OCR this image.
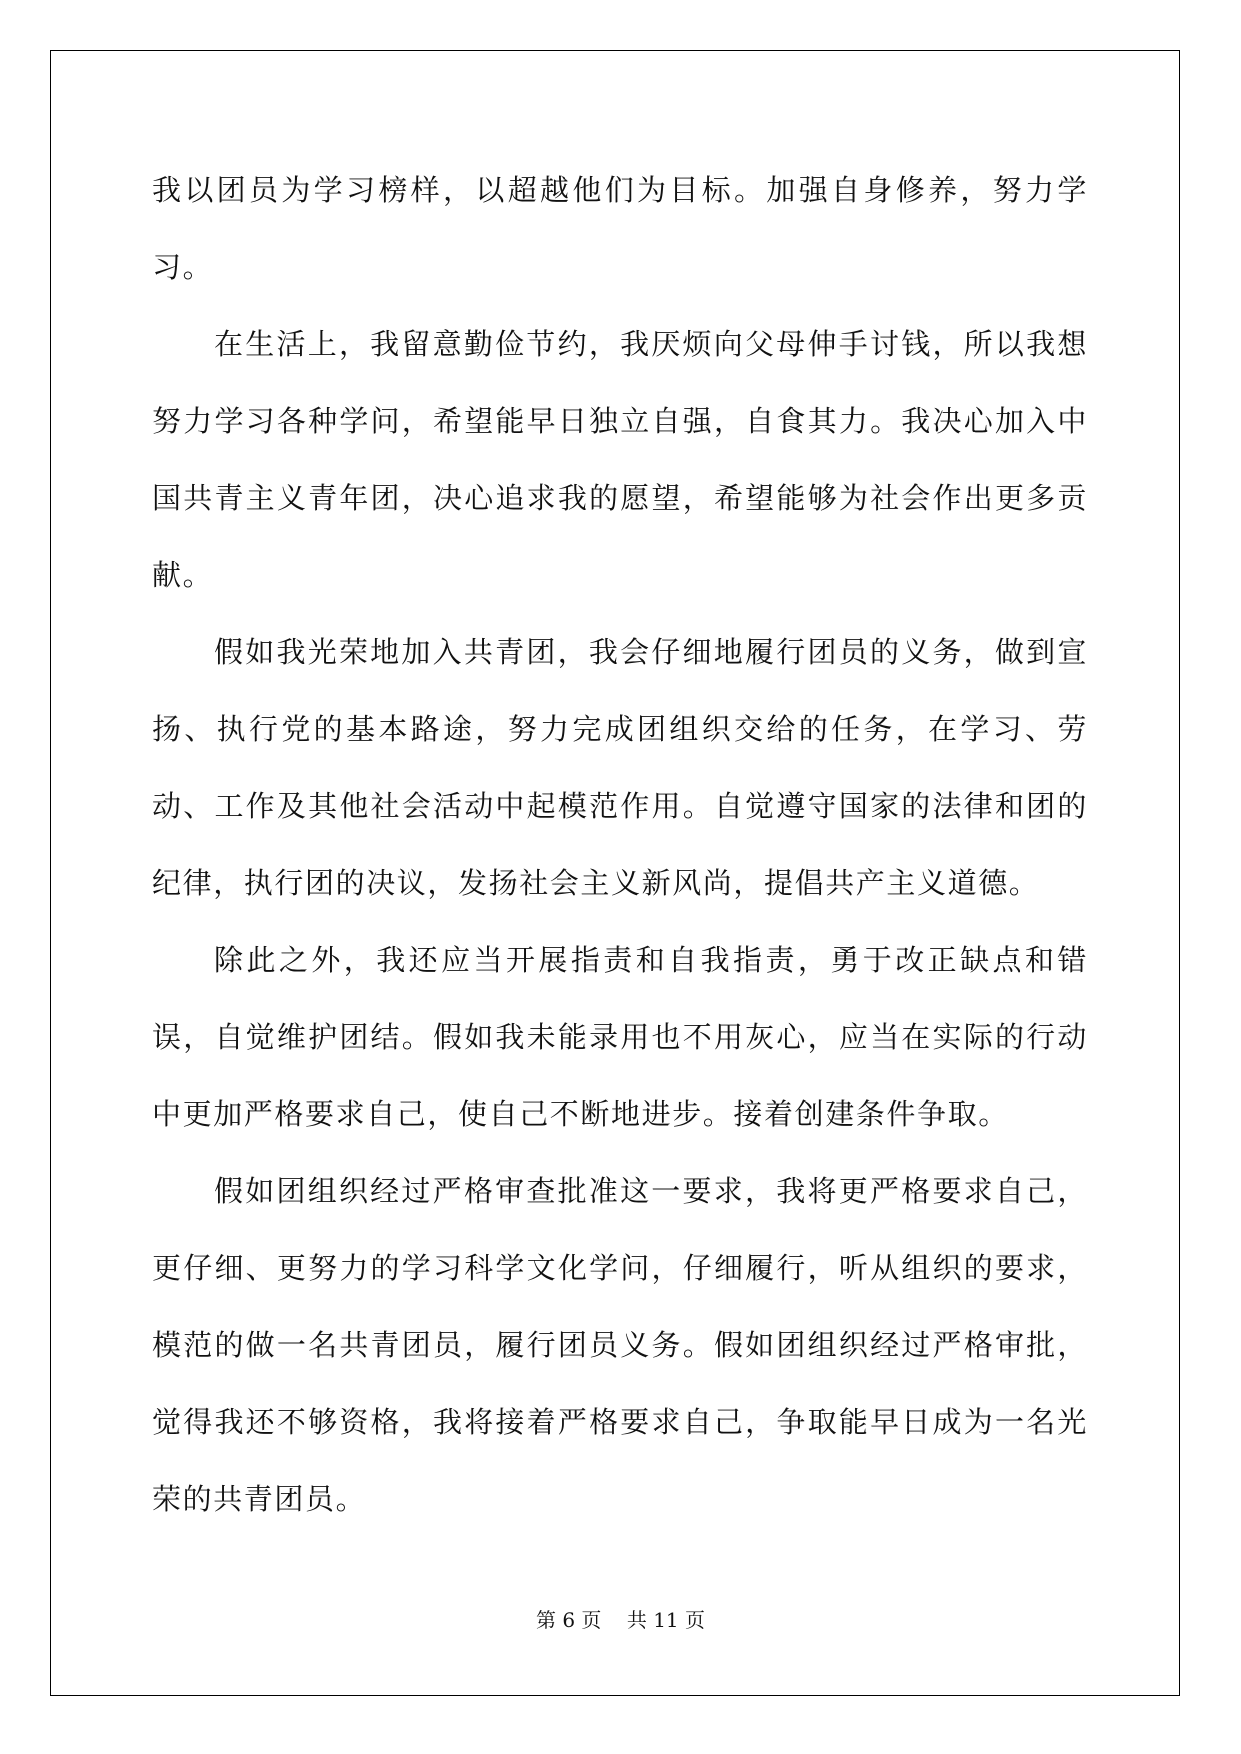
我以团员为学习榜样，以超越他们为目标。加强自身修养，努力学习。

在生活上，我留意勤俭节约，我厌烦向父母伸手讨钱，所以我想努力学习各种学问，希望能早日独立自强，自食其力。我决心加入中国共青主义青年团，决心追求我的愿望，希望能够为社会作出更多贡献。

假如我光荣地加入共青团，我会仔细地履行团员的义务，做到宣扬、执行党的基本路途，努力完成团组织交给的任务，在学习、劳动、工作及其他社会活动中起模范作用。自觉遵守国家的法律和团的纪律，执行团的决议，发扬社会主义新风尚，提倡共产主义道德。

除此之外，我还应当开展指责和自我指责，勇于改正缺点和错误，自觉维护团结。假如我未能录用也不用灰心，应当在实际的行动中更加严格要求自己，使自己不断地进步。接着创建条件争取。

假如团组织经过严格审查批准这一要求，我将更严格要求自己，更仔细、更努力的学习科学文化学问，仔细履行，听从组织的要求，模范的做一名共青团员，履行团员义务。假如团组织经过严格审批，觉得我还不够资格，我将接着严格要求自己，争取能早日成为一名光荣的共青团员。

第 6 页    共 11 页
